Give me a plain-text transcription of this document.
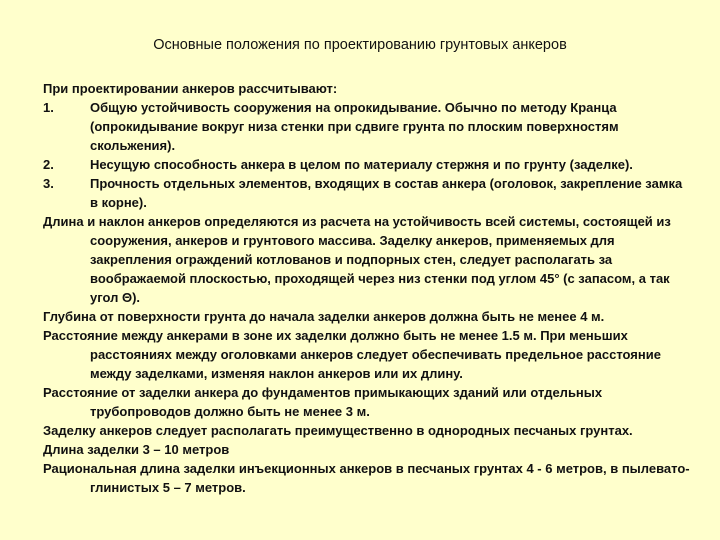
Основные положения по проектированию грунтовых анкеров

При проектировании анкеров рассчитывают:

1.	Общую устойчивость сооружения на опрокидывание. Обычно по методу Кранца (опрокидывание вокруг низа стенки при сдвиге грунта по плоским поверхностям скольжения).
2.	Несущую способность анкера в целом по материалу стержня и по грунту (заделке).
3.	Прочность отдельных элементов, входящих в состав анкера (оголовок, закрепление замка в корне).

Длина и наклон анкеров определяются из расчета на устойчивость всей системы, состоящей из сооружения, анкеров и грунтового массива. Заделку анкеров, применяемых для закрепления ограждений котлованов и подпорных стен, следует располагать за воображаемой плоскостью, проходящей через низ стенки под углом 45° (с запасом, а так угол Θ).

Глубина от поверхности грунта до начала заделки анкеров должна быть не менее 4 м.

Расстояние между анкерами в зоне их заделки должно быть не менее 1.5 м. При меньших расстояниях между оголовками анкеров следует обеспечивать предельное расстояние между заделками, изменяя наклон анкеров или их длину.

Расстояние от заделки анкера до фундаментов примыкающих зданий или отдельных трубопроводов должно быть не менее 3 м.

Заделку анкеров следует располагать преимущественно в однородных песчаных грунтах.

Длина заделки 3 – 10 метров

Рациональная длина заделки инъекционных анкеров в песчаных грунтах 4 - 6 метров, в пылевато-глинистых 5 – 7 метров.
